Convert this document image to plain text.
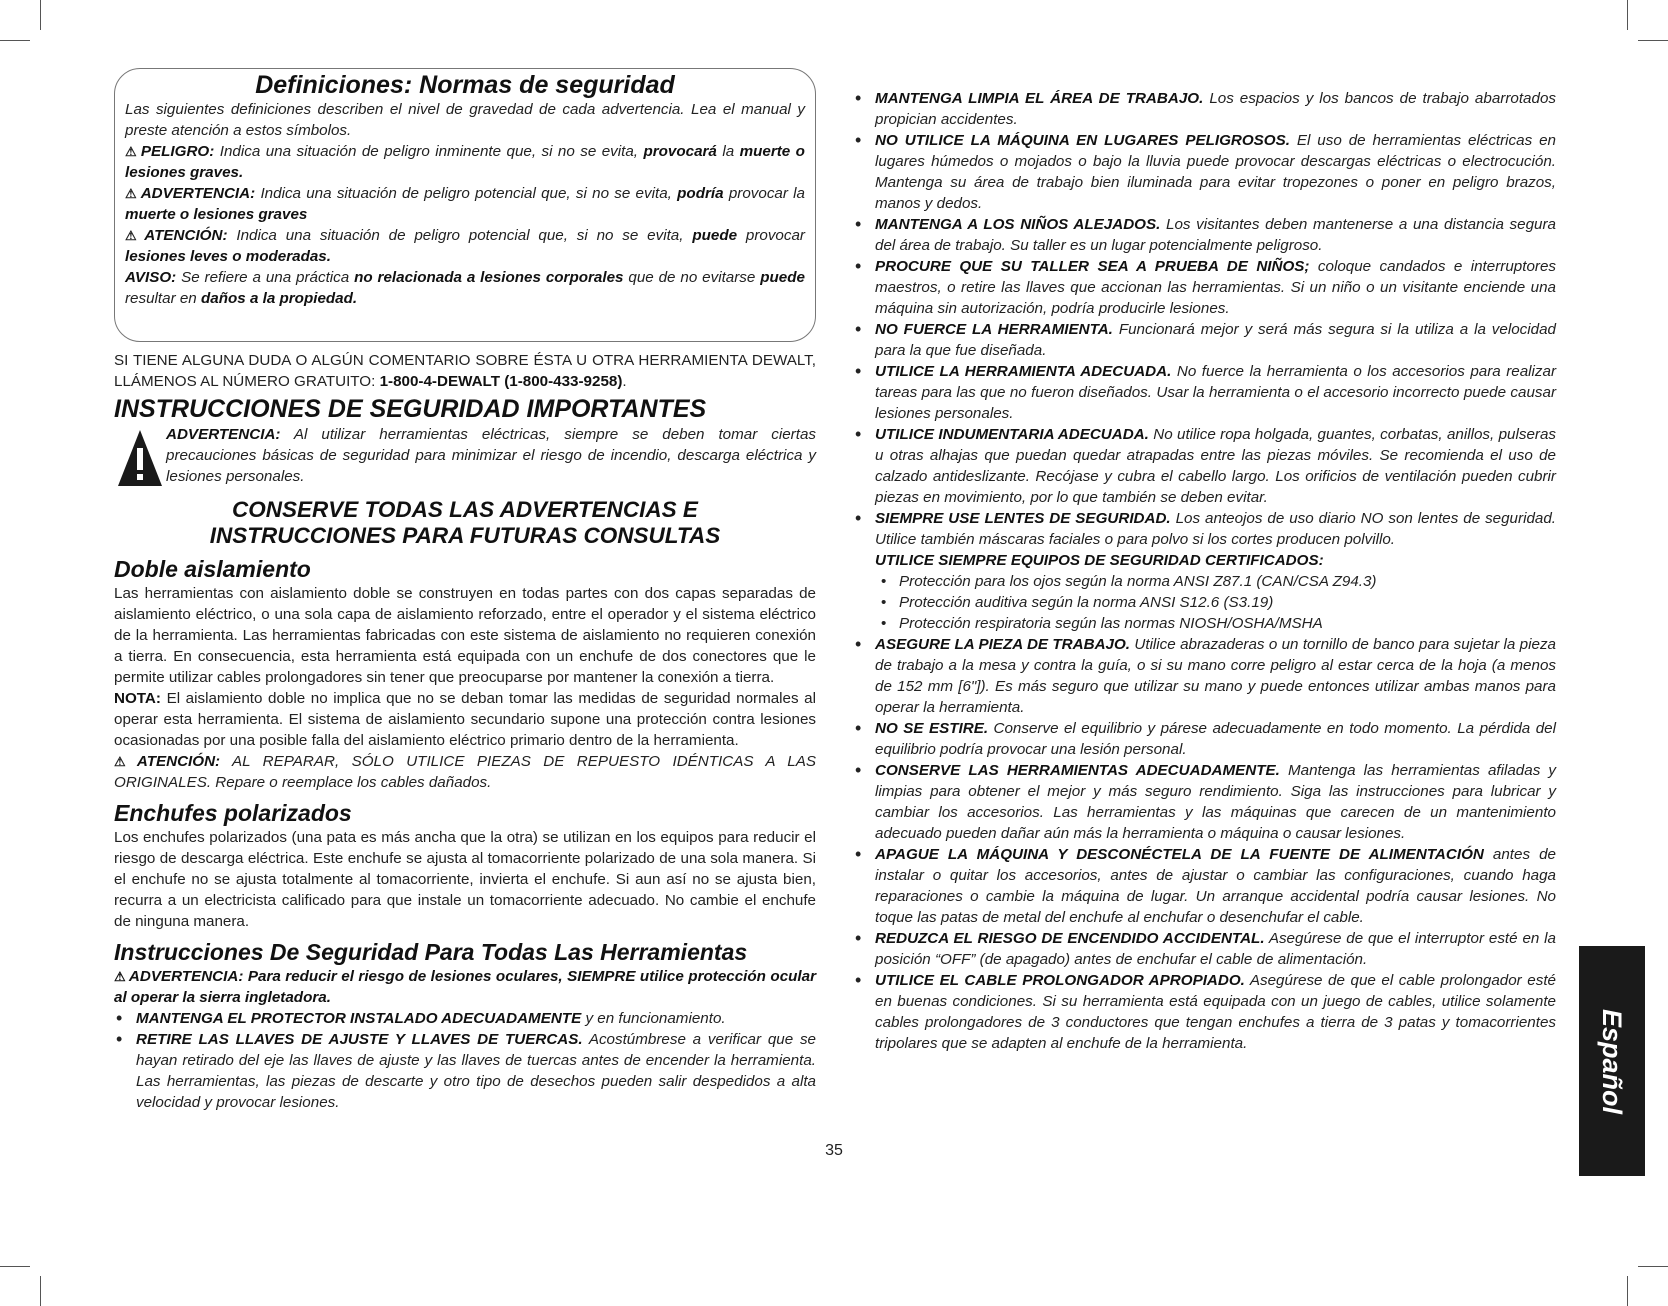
Definiciones: Normas de seguridad

Las siguientes definiciones describen el nivel de gravedad de cada advertencia. Lea el manual y preste atención a estos símbolos.

⚠ PELIGRO: Indica una situación de peligro inminente que, si no se evita, provocará la muerte o lesiones graves.

⚠ ADVERTENCIA: Indica una situación de peligro potencial que, si no se evita, podría provocar la muerte o lesiones graves

⚠ ATENCIÓN: Indica una situación de peligro potencial que, si no se evita, puede provocar lesiones leves o moderadas.

AVISO: Se refiere a una práctica no relacionada a lesiones corporales que de no evitarse puede resultar en daños a la propiedad.

SI TIENE ALGUNA DUDA O ALGÚN COMENTARIO SOBRE ÉSTA U OTRA HERRAMIENTA DEWALT, LLÁMENOS AL NÚMERO GRATUITO: 1-800-4-DEWALT (1-800-433-9258).

INSTRUCCIONES DE SEGURIDAD IMPORTANTES

ADVERTENCIA: Al utilizar herramientas eléctricas, siempre se deben tomar ciertas precauciones básicas de seguridad para minimizar el riesgo de incendio, descarga eléctrica y lesiones personales.

CONSERVE TODAS LAS ADVERTENCIAS E

INSTRUCCIONES PARA FUTURAS CONSULTAS

Doble aislamiento

Las herramientas con aislamiento doble se construyen en todas partes con dos capas separadas de aislamiento eléctrico, o una sola capa de aislamiento reforzado, entre el operador y el sistema eléctrico de la herramienta. Las herramientas fabricadas con este sistema de aislamiento no requieren conexión a tierra. En consecuencia, esta herramienta está equipada con un enchufe de dos conectores que le permite utilizar cables prolongadores sin tener que preocuparse por mantener la conexión a tierra.

NOTA: El aislamiento doble no implica que no se deban tomar las medidas de seguridad normales al operar esta herramienta. El sistema de aislamiento secundario supone una protección contra lesiones ocasionadas por una posible falla del aislamiento eléctrico primario dentro de la herramienta.

⚠ ATENCIÓN: AL REPARAR, SÓLO UTILICE PIEZAS DE REPUESTO IDÉNTICAS A LAS ORIGINALES. Repare o reemplace los cables dañados.

Enchufes polarizados

Los enchufes polarizados (una pata es más ancha que la otra) se utilizan en los equipos para reducir el riesgo de descarga eléctrica. Este enchufe se ajusta al tomacorriente polarizado de una sola manera. Si el enchufe no se ajusta totalmente al tomacorriente, invierta el enchufe. Si aun así no se ajusta bien, recurra a un electricista calificado para que instale un tomacorriente adecuado. No cambie el enchufe de ninguna manera.

Instrucciones De Seguridad Para Todas Las Herramientas

⚠ ADVERTENCIA: Para reducir el riesgo de lesiones oculares, SIEMPRE utilice protección ocular al operar la sierra ingletadora.

• MANTENGA EL PROTECTOR INSTALADO ADECUADAMENTE y en funcionamiento.
• RETIRE LAS LLAVES DE AJUSTE Y LLAVES DE TUERCAS. Acostúmbrese a verificar que se hayan retirado del eje las llaves de ajuste y las llaves de tuercas antes de encender la herramienta. Las herramientas, las piezas de descarte y otro tipo de desechos pueden salir despedidos a alta velocidad y provocar lesiones.
• MANTENGA LIMPIA EL ÁREA DE TRABAJO. Los espacios y los bancos de trabajo abarrotados propician accidentes.
• NO UTILICE LA MÁQUINA EN LUGARES PELIGROSOS. El uso de herramientas eléctricas en lugares húmedos o mojados o bajo la lluvia puede provocar descargas eléctricas o electrocución. Mantenga su área de trabajo bien iluminada para evitar tropezones o poner en peligro brazos, manos y dedos.
• MANTENGA A LOS NIÑOS ALEJADOS. Los visitantes deben mantenerse a una distancia segura del área de trabajo. Su taller es un lugar potencialmente peligroso.
• PROCURE QUE SU TALLER SEA A PRUEBA DE NIÑOS; coloque candados e interruptores maestros, o retire las llaves que accionan las herramientas. Si un niño o un visitante enciende una máquina sin autorización, podría producirle lesiones.
• NO FUERCE LA HERRAMIENTA. Funcionará mejor y será más segura si la utiliza a la velocidad para la que fue diseñada.
• UTILICE LA HERRAMIENTA ADECUADA. No fuerce la herramienta o los accesorios para realizar tareas para las que no fueron diseñados. Usar la herramienta o el accesorio incorrecto puede causar lesiones personales.
• UTILICE INDUMENTARIA ADECUADA. No utilice ropa holgada, guantes, corbatas, anillos, pulseras u otras alhajas que puedan quedar atrapadas entre las piezas móviles. Se recomienda el uso de calzado antideslizante. Recójase y cubra el cabello largo. Los orificios de ventilación pueden cubrir piezas en movimiento, por lo que también se deben evitar.
• SIEMPRE USE LENTES DE SEGURIDAD. Los anteojos de uso diario NO son lentes de seguridad. Utilice también máscaras faciales o para polvo si los cortes producen polvillo.
UTILICE SIEMPRE EQUIPOS DE SEGURIDAD CERTIFICADOS:
• Protección para los ojos según la norma ANSI Z87.1 (CAN/CSA Z94.3)
• Protección auditiva según la norma ANSI S12.6 (S3.19)
• Protección respiratoria según las normas NIOSH/OSHA/MSHA
• ASEGURE LA PIEZA DE TRABAJO. Utilice abrazaderas o un tornillo de banco para sujetar la pieza de trabajo a la mesa y contra la guía, o si su mano corre peligro al estar cerca de la hoja (a menos de 152 mm [6"]). Es más seguro que utilizar su mano y puede entonces utilizar ambas manos para operar la herramienta.
• NO SE ESTIRE. Conserve el equilibrio y párese adecuadamente en todo momento. La pérdida del equilibrio podría provocar una lesión personal.
• CONSERVE LAS HERRAMIENTAS ADECUADAMENTE. Mantenga las herramientas afiladas y limpias para obtener el mejor y más seguro rendimiento. Siga las instrucciones para lubricar y cambiar los accesorios. Las herramientas y las máquinas que carecen de un mantenimiento adecuado pueden dañar aún más la herramienta o máquina o causar lesiones.
• APAGUE LA MÁQUINA Y DESCONÉCTELA DE LA FUENTE DE ALIMENTACIÓN antes de instalar o quitar los accesorios, antes de ajustar o cambiar las configuraciones, cuando haga reparaciones o cambie la máquina de lugar. Un arranque accidental podría causar lesiones. No toque las patas de metal del enchufe al enchufar o desenchufar el cable.
• REDUZCA EL RIESGO DE ENCENDIDO ACCIDENTAL. Asegúrese de que el interruptor esté en la posición “OFF” (de apagado) antes de enchufar el cable de alimentación.
• UTILICE EL CABLE PROLONGADOR APROPIADO. Asegúrese de que el cable prolongador esté en buenas condiciones. Si su herramienta está equipada con un juego de cables, utilice solamente cables prolongadores de 3 conductores que tengan enchufes a tierra de 3 patas y tomacorrientes tripolares que se adapten al enchufe de la herramienta.
35
Español
